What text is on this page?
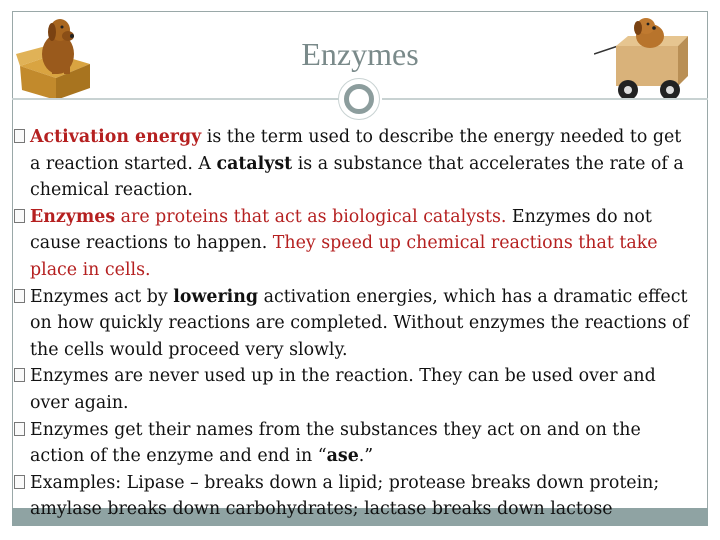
Enzymes
Activation energy is the term used to describe the energy needed to get a reaction started. A catalyst is a substance that accelerates the rate of a chemical reaction.
Enzymes are proteins that act as biological catalysts. Enzymes do not cause reactions to happen. They speed up chemical reactions that take place in cells.
Enzymes act by lowering activation energies, which has a dramatic effect on how quickly reactions are completed. Without enzymes the reactions of the cells would proceed very slowly.
Enzymes are never used up in the reaction. They can be used over and over again.
Enzymes get their names from the substances they act on and on the action of the enzyme and end in “ase.”
Examples: Lipase – breaks down a lipid; protease breaks down protein; amylase breaks down carbohydrates; lactase breaks down lactose
